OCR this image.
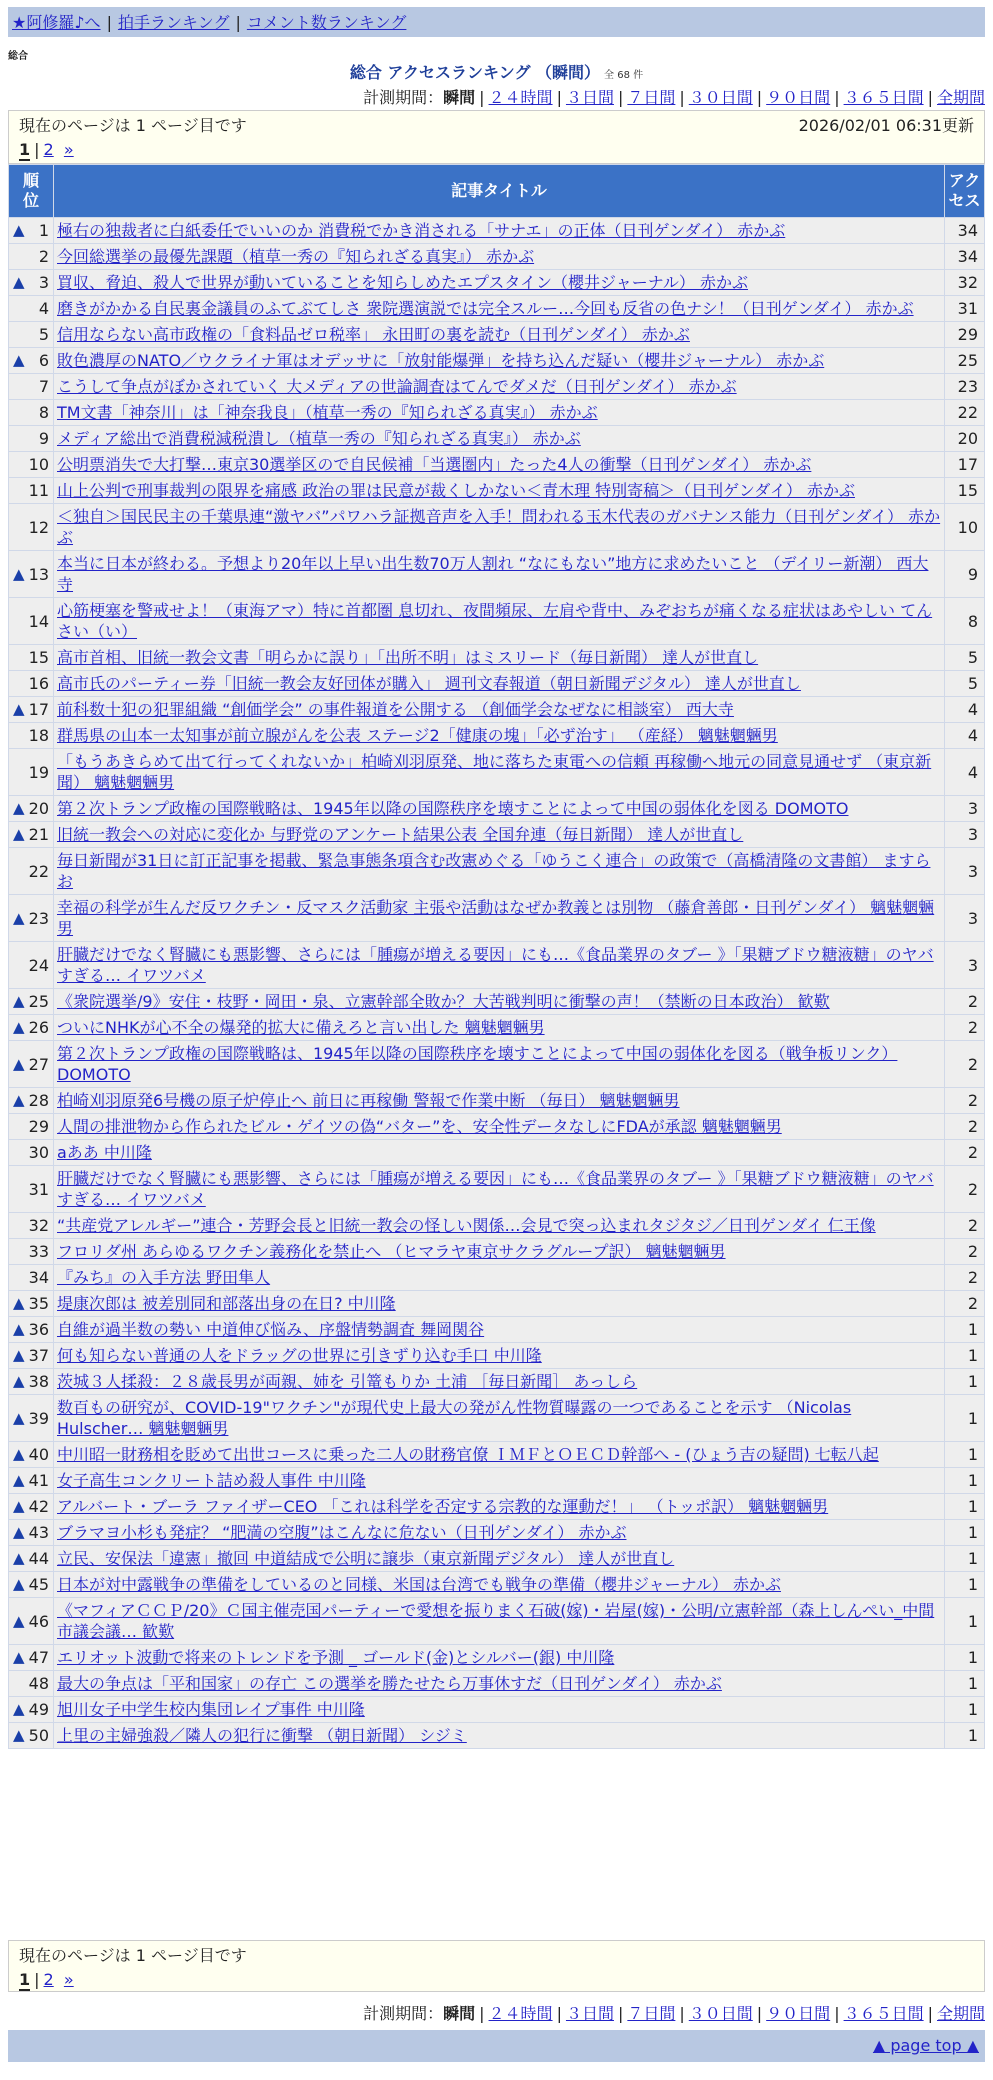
★阿修羅♪へ | 拍手ランキング | コメント数ランキング
総合
総合 アクセスランキング （瞬間） 全 68 件
計測期間：瞬間 | ２４時間 | ３日間 | ７日間 | ３０日間 | ９０日間 | ３６５日間 | 全期間
現在のページは 1 ページ目です	2026/02/01 06:31更新
1 | 2 »
順位	記事タイトル	アクセス

▲ 1	極右の独裁者に白紙委任でいいのか 消費税でかき消される「サナエ」の正体（日刊ゲンダイ） 赤かぶ	34
2	今回総選挙の最優先課題（植草一秀の『知られざる真実』） 赤かぶ	34

▲ 3	買収、脅迫、殺人で世界が動いていることを知らしめたエプスタイン（櫻井ジャーナル） 赤かぶ	32
4	磨きがかかる自民裏金議員のふてぶてしさ 衆院選演説では完全スルー…今回も反省の色ナシ！（日刊ゲンダイ） 赤かぶ	31
5	信用ならない高市政権の「食料品ゼロ税率」 永田町の裏を読む（日刊ゲンダイ） 赤かぶ	29

▲ 6	敗色濃厚のNATO／ウクライナ軍はオデッサに「放射能爆弾」を持ち込んだ疑い（櫻井ジャーナル） 赤かぶ	25
7	こうして争点がぼかされていく 大メディアの世論調査はてんでダメだ（日刊ゲンダイ） 赤かぶ	23
8	TM文書「神奈川」は「神奈我良」（植草一秀の『知られざる真実』） 赤かぶ	22
9	メディア総出で消費税減税潰し（植草一秀の『知られざる真実』） 赤かぶ	20
10	公明票消失で大打撃…東京30選挙区ので自民候補「当選圏内」たった4人の衝撃（日刊ゲンダイ） 赤かぶ	17
11	山上公判で刑事裁判の限界を痛感 政治の罪は民意が裁くしかない＜青木理 特別寄稿＞（日刊ゲンダイ） 赤かぶ	15
12	＜独自＞国民民主の千葉県連“激ヤバ”パワハラ証拠音声を入手！問われる玉木代表のガバナンス能力（日刊ゲンダイ） 赤かぶ	10

▲ 13	本当に日本が終わる。予想より20年以上早い出生数70万人割れ “なにもない”地方に求めたいこと （デイリー新潮） 西大寺	9
14	心筋梗塞を警戒せよ！（東海アマ）特に首都圏 息切れ、夜間頻尿、左肩や背中、みぞおちが痛くなる症状はあやしい てんさい（い）	8
15	高市首相、旧統一教会文書「明らかに誤り」「出所不明」はミスリード（毎日新聞） 達人が世直し	5
16	高市氏のパーティー券「旧統一教会友好団体が購入」 週刊文春報道（朝日新聞デジタル） 達人が世直し	5

▲ 17	前科数十犯の犯罪組織 “創価学会” の事件報道を公開する （創価学会なぜなに相談室） 西大寺	4
18	群馬県の山本一太知事が前立腺がんを公表 ステージ2「健康の塊」「必ず治す」 （産経） 魑魅魍魎男	4
19	「もうあきらめて出て行ってくれないか」柏崎刈羽原発、地に落ちた東電への信頼 再稼働へ地元の同意見通せず （東京新聞） 魑魅魍魎男	4

▲ 20	第２次トランプ政権の国際戦略は、1945年以降の国際秩序を壊すことによって中国の弱体化を図る DOMOTO	3

▲ 21	旧統一教会への対応に変化か 与野党のアンケート結果公表 全国弁連（毎日新聞） 達人が世直し	3
22	毎日新聞が31日に訂正記事を掲載、緊急事態条項含む改憲めぐる「ゆうこく連合」の政策で（高橋清隆の文書館） ますらお	3

▲ 23	幸福の科学が生んだ反ワクチン・反マスク活動家 主張や活動はなぜか教義とは別物 （藤倉善郎・日刊ゲンダイ） 魑魅魍魎男	3
24	肝臓だけでなく腎臓にも悪影響、さらには「腫瘍が増える要因」にも…《食品業界のタブー 》「果糖ブドウ糖液糖」のヤバすぎる… イワツバメ	3

▲ 25	《衆院選挙/9》安住・枝野・岡田・泉、立憲幹部全敗か？大苦戦判明に衝撃の声！（禁断の日本政治） 歓歎	2

▲ 26	ついにNHKが心不全の爆発的拡大に備えろと言い出した 魑魅魍魎男	2

▲ 27	第２次トランプ政権の国際戦略は、1945年以降の国際秩序を壊すことによって中国の弱体化を図る（戦争板リンク） DOMOTO	2

▲ 28	柏崎刈羽原発6号機の原子炉停止へ 前日に再稼働 警報で作業中断 （毎日） 魑魅魍魎男	2
29	人間の排泄物から作られたビル・ゲイツの偽“バター”を、安全性データなしにFDAが承認 魑魅魍魎男	2
30	aああ 中川隆	2
31	肝臓だけでなく腎臓にも悪影響、さらには「腫瘍が増える要因」にも…《食品業界のタブー 》「果糖ブドウ糖液糖」のヤバすぎる… イワツバメ	2
32	“共産党アレルギー”連合・芳野会長と旧統一教会の怪しい関係…会見で突っ込まれタジタジ／日刊ゲンダイ 仁王像	2
33	フロリダ州 あらゆるワクチン義務化を禁止へ （ヒマラヤ東京サクラグループ訳） 魑魅魍魎男	2
34	『みち』の入手方法 野田隼人	2

▲ 35	堤康次郎は 被差別同和部落出身の在日? 中川隆	2

▲ 36	自維が過半数の勢い 中道伸び悩み、序盤情勢調査 舞岡関谷	1

▲ 37	何も知らない普通の人をドラッグの世界に引きずり込む手口 中川隆	1

▲ 38	茨城３人揉殺：２８歳長男が両親、姉を 引篭もりか 土浦 ［毎日新聞］ あっしら	1

▲ 39	数百もの研究が、COVID-19"ワクチン"が現代史上最大の発がん性物質曝露の一つであることを示す （Nicolas Hulscher… 魑魅魍魎男	1

▲ 40	中川昭一財務相を貶めて出世コースに乗った二人の財務官僚 ＩＭＦとＯＥＣＤ幹部へ - (ひょう吉の疑問) 七転八起	1

▲ 41	女子高生コンクリート詰め殺人事件 中川隆	1

▲ 42	アルバート・ブーラ ファイザーCEO 「これは科学を否定する宗教的な運動だ！」 （トッポ訳） 魑魅魍魎男	1

▲ 43	ブラマヨ小杉も発症？ “肥満の空腹”はこんなに危ない（日刊ゲンダイ） 赤かぶ	1

▲ 44	立民、安保法「違憲」撤回 中道結成で公明に譲歩（東京新聞デジタル） 達人が世直し	1

▲ 45	日本が対中露戦争の準備をしているのと同様、米国は台湾でも戦争の準備（櫻井ジャーナル） 赤かぶ	1

▲ 46	《マフィアＣＣＰ/20》Ｃ国主催売国パーティーで愛想を振りまく石破(嫁)・岩屋(嫁)・公明/立憲幹部（森上しんぺい_中間市議会議… 歓歎	1

▲ 47	エリオット波動で将来のトレンドを予測 _ ゴールド(金)とシルバー(銀) 中川隆	1
48	最大の争点は「平和国家」の存亡 この選挙を勝たせたら万事休すだ（日刊ゲンダイ） 赤かぶ	1

▲ 49	旭川女子中学生校内集団レイプ事件 中川隆	1

▲ 50	上里の主婦強殺／隣人の犯行に衝撃 （朝日新聞） シジミ	1
現在のページは 1 ページ目です
1 | 2 »
計測期間：瞬間 | ２４時間 | ３日間 | ７日間 | ３０日間 | ９０日間 | ３６５日間 | 全期間
▲ page top ▲
